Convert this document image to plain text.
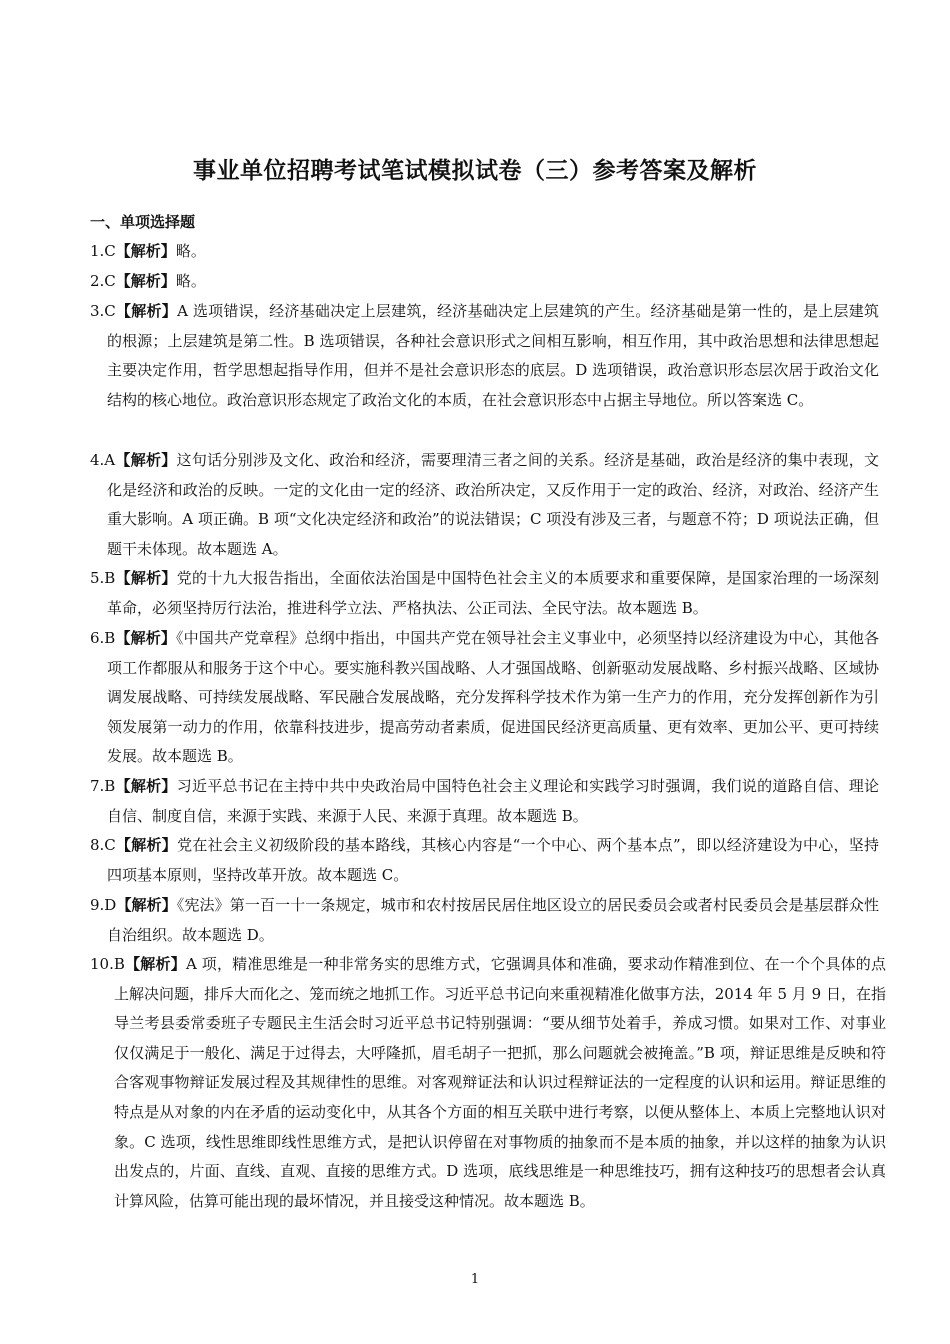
事业单位招聘考试笔试模拟试卷（三）参考答案及解析
一、单项选择题
1.C【解析】略。
2.C【解析】略。
3.C【解析】A 选项错误，经济基础决定上层建筑，经济基础决定上层建筑的产生。经济基础是第一性的，是上层建筑的根源；上层建筑是第二性。B 选项错误，各种社会意识形式之间相互影响，相互作用，其中政治思想和法律思想起主要决定作用，哲学思想起指导作用，但并不是社会意识形态的底层。D 选项错误，政治意识形态层次居于政治文化结构的核心地位。政治意识形态规定了政治文化的本质，在社会意识形态中占据主导地位。所以答案选 C。
4.A【解析】这句话分别涉及文化、政治和经济，需要理清三者之间的关系。经济是基础，政治是经济的集中表现，文化是经济和政治的反映。一定的文化由一定的经济、政治所决定，又反作用于一定的政治、经济，对政治、经济产生重大影响。A 项正确。B 项“文化决定经济和政治”的说法错误；C 项没有涉及三者，与题意不符；D 项说法正确，但题干未体现。故本题选 A。
5.B【解析】党的十九大报告指出，全面依法治国是中国特色社会主义的本质要求和重要保障，是国家治理的一场深刻革命，必须坚持厉行法治，推进科学立法、严格执法、公正司法、全民守法。故本题选 B。
6.B【解析】《中国共产党章程》总纲中指出，中国共产党在领导社会主义事业中，必须坚持以经济建设为中心，其他各项工作都服从和服务于这个中心。要实施科教兴国战略、人才强国战略、创新驱动发展战略、乡村振兴战略、区域协调发展战略、可持续发展战略、军民融合发展战略，充分发挥科学技术作为第一生产力的作用，充分发挥创新作为引领发展第一动力的作用，依靠科技进步，提高劳动者素质，促进国民经济更高质量、更有效率、更加公平、更可持续发展。故本题选 B。
7.B【解析】习近平总书记在主持中共中央政治局中国特色社会主义理论和实践学习时强调，我们说的道路自信、理论自信、制度自信，来源于实践、来源于人民、来源于真理。故本题选 B。
8.C【解析】党在社会主义初级阶段的基本路线，其核心内容是“一个中心、两个基本点”，即以经济建设为中心，坚持四项基本原则，坚持改革开放。故本题选 C。
9.D【解析】《宪法》第一百一十一条规定，城市和农村按居民居住地区设立的居民委员会或者村民委员会是基层群众性自治组织。故本题选 D。
10.B【解析】A 项，精准思维是一种非常务实的思维方式，它强调具体和准确，要求动作精准到位、在一个个具体的点上解决问题，排斥大而化之、笼而统之地抓工作。习近平总书记向来重视精准化做事方法，2014 年 5 月 9 日，在指导兰考县委常委班子专题民主生活会时习近平总书记特别强调：“要从细节处着手，养成习惯。如果对工作、对事业仅仅满足于一般化、满足于过得去，大呼隆抓，眉毛胡子一把抓，那么问题就会被掩盖。”B 项，辩证思维是反映和符合客观事物辩证发展过程及其规律性的思维。对客观辩证法和认识过程辩证法的一定程度的认识和运用。辩证思维的特点是从对象的内在矛盾的运动变化中，从其各个方面的相互关联中进行考察，以便从整体上、本质上完整地认识对象。C 选项，线性思维即线性思维方式，是把认识停留在对事物质的抽象而不是本质的抽象，并以这样的抽象为认识出发点的，片面、直线、直观、直接的思维方式。D 选项，底线思维是一种思维技巧，拥有这种技巧的思想者会认真计算风险，估算可能出现的最坏情况，并且接受这种情况。故本题选 B。
1
